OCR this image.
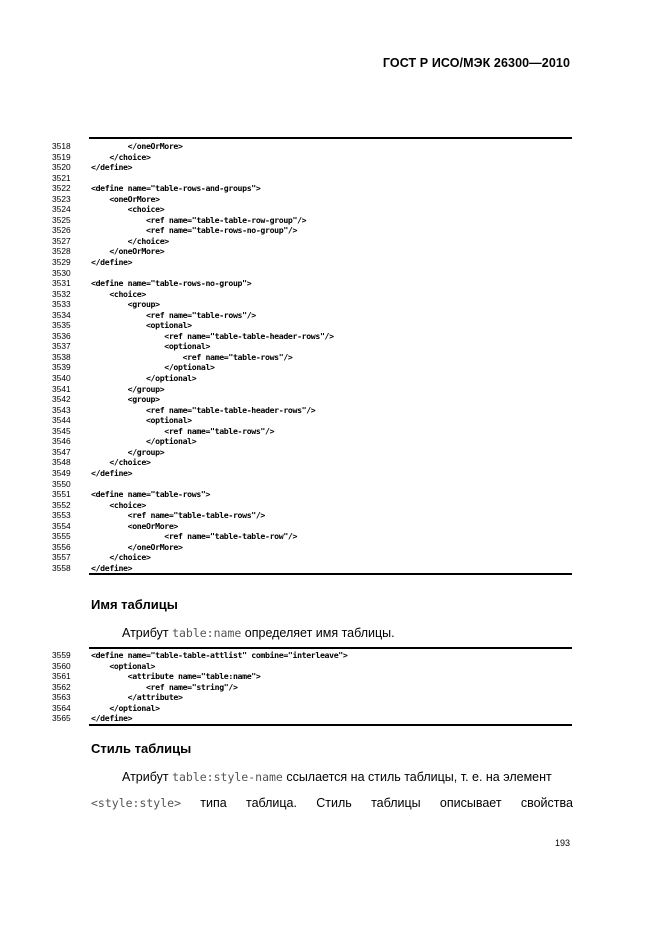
ГОСТ Р ИСО/МЭК 26300—2010
3518	</oneOrMore>
3519	</choice>
3520	</define>
3521
3522	<define name="table-rows-and-groups">
3523	<oneOrMore>
3524	<choice>
3525	<ref name="table-table-row-group"/>
3526	<ref name="table-rows-no-group"/>
3527	</choice>
3528	</oneOrMore>
3529	</define>
3530
3531	<define name="table-rows-no-group">
3532	<choice>
3533	<group>
3534	<ref name="table-rows"/>
3535	<optional>
3536	<ref name="table-table-header-rows"/>
3537	<optional>
3538	<ref name="table-rows"/>
3539	</optional>
3540	</optional>
3541	</group>
3542	<group>
3543	<ref name="table-table-header-rows"/>
3544	<optional>
3545	<ref name="table-rows"/>
3546	</optional>
3547	</group>
3548	</choice>
3549	</define>
3550
3551	<define name="table-rows">
3552	<choice>
3553	<ref name="table-table-rows"/>
3554	<oneOrMore>
3555	<ref name="table-table-row"/>
3556	</oneOrMore>
3557	</choice>
3558	</define>
Имя таблицы
Атрибут table:name определяет имя таблицы.
3559	<define name="table-table-attlist" combine="interleave">
3560	<optional>
3561	<attribute name="table:name">
3562	<ref name="string"/>
3563	</attribute>
3564	</optional>
3565	</define>
Стиль таблицы
Атрибут table:style-name ссылается на стиль таблицы, т. е. на элемент
<style:style> типа таблица. Стиль таблицы описывает свойства
193
